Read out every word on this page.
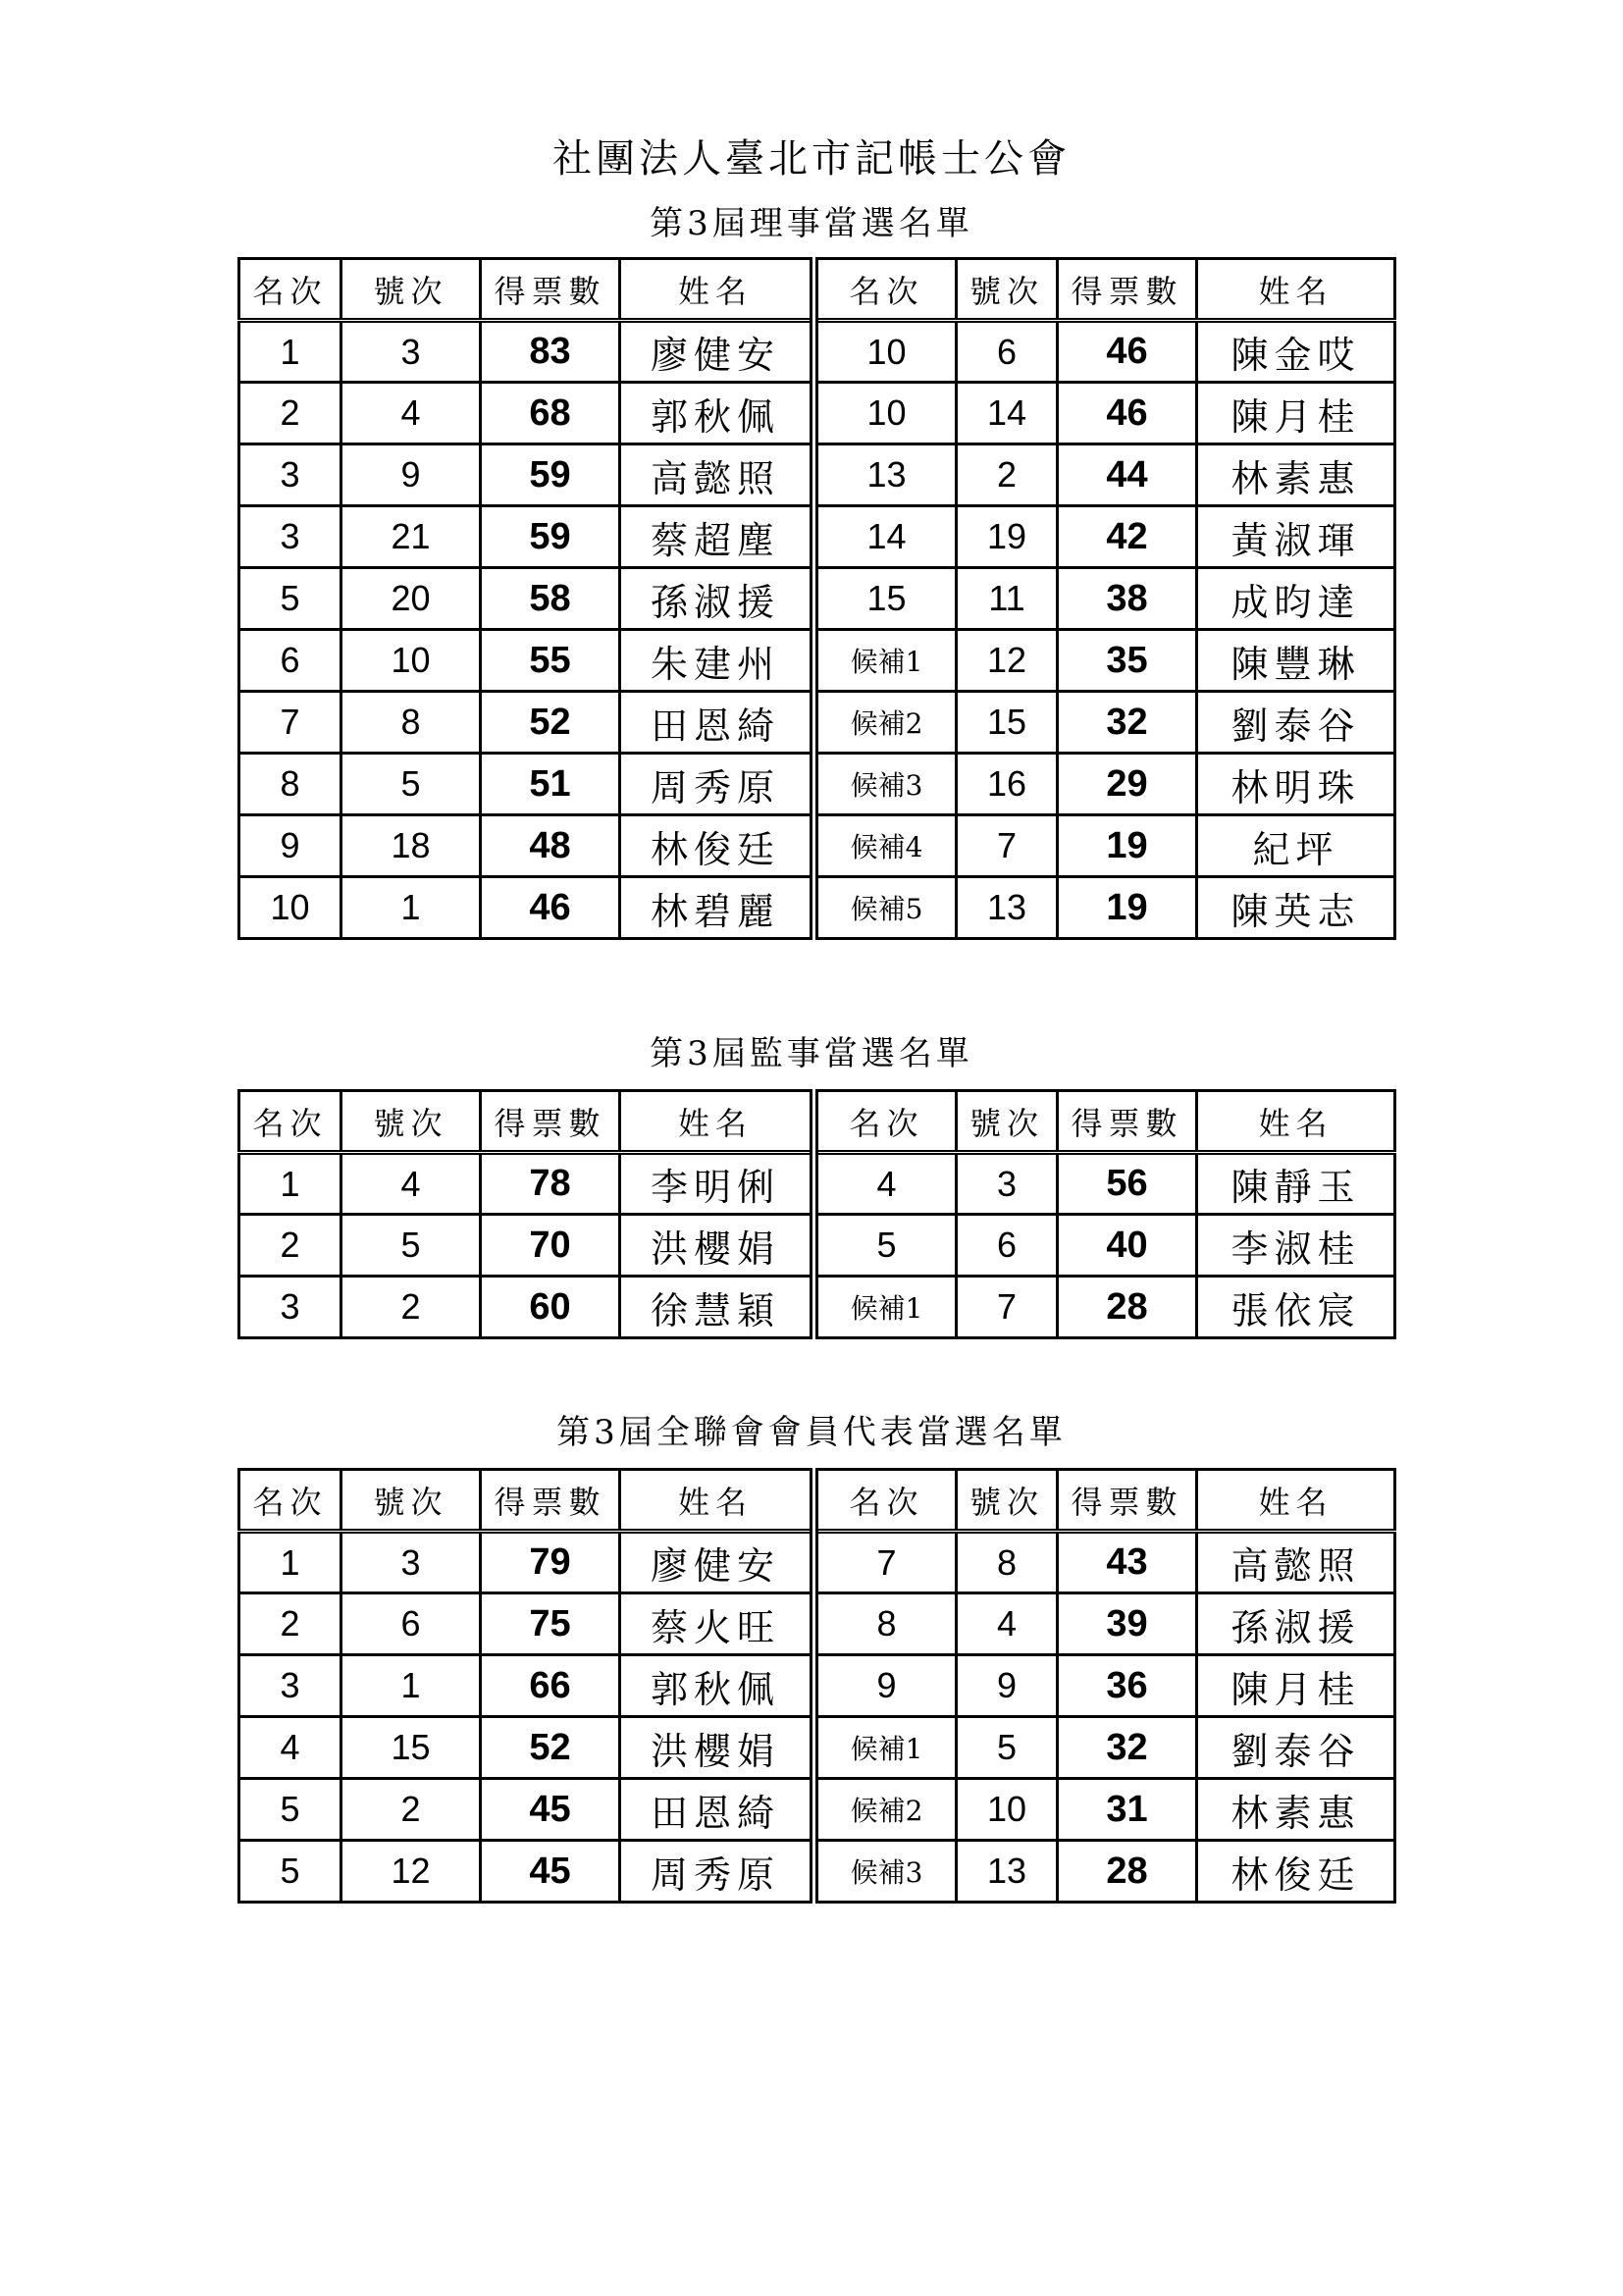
社團法人臺北市記帳士公會
第3屆理事當選名單
名次	號次	得票數	姓名	名次	號次	得票數	姓名
1	3	83	廖健安	10	6	46	陳金哎
2	4	68	郭秋佩	10	14	46	陳月桂
3	9	59	高懿照	13	2	44	林素惠
3	21	59	蔡超塵	14	19	42	黃淑琿
5	20	58	孫淑援	15	11	38	成昀達
6	10	55	朱建州	候補1	12	35	陳豐琳
7	8	52	田恩綺	候補2	15	32	劉泰谷
8	5	51	周秀原	候補3	16	29	林明珠
9	18	48	林俊廷	候補4	7	19	紀坪
10	1	46	林碧麗	候補5	13	19	陳英志
第3屆監事當選名單
名次	號次	得票數	姓名	名次	號次	得票數	姓名
1	4	78	李明俐	4	3	56	陳靜玉
2	5	70	洪櫻娟	5	6	40	李淑桂
3	2	60	徐慧穎	候補1	7	28	張依宸
第3屆全聯會會員代表當選名單
名次	號次	得票數	姓名	名次	號次	得票數	姓名
1	3	79	廖健安	7	8	43	高懿照
2	6	75	蔡火旺	8	4	39	孫淑援
3	1	66	郭秋佩	9	9	36	陳月桂
4	15	52	洪櫻娟	候補1	5	32	劉泰谷
5	2	45	田恩綺	候補2	10	31	林素惠
5	12	45	周秀原	候補3	13	28	林俊廷
